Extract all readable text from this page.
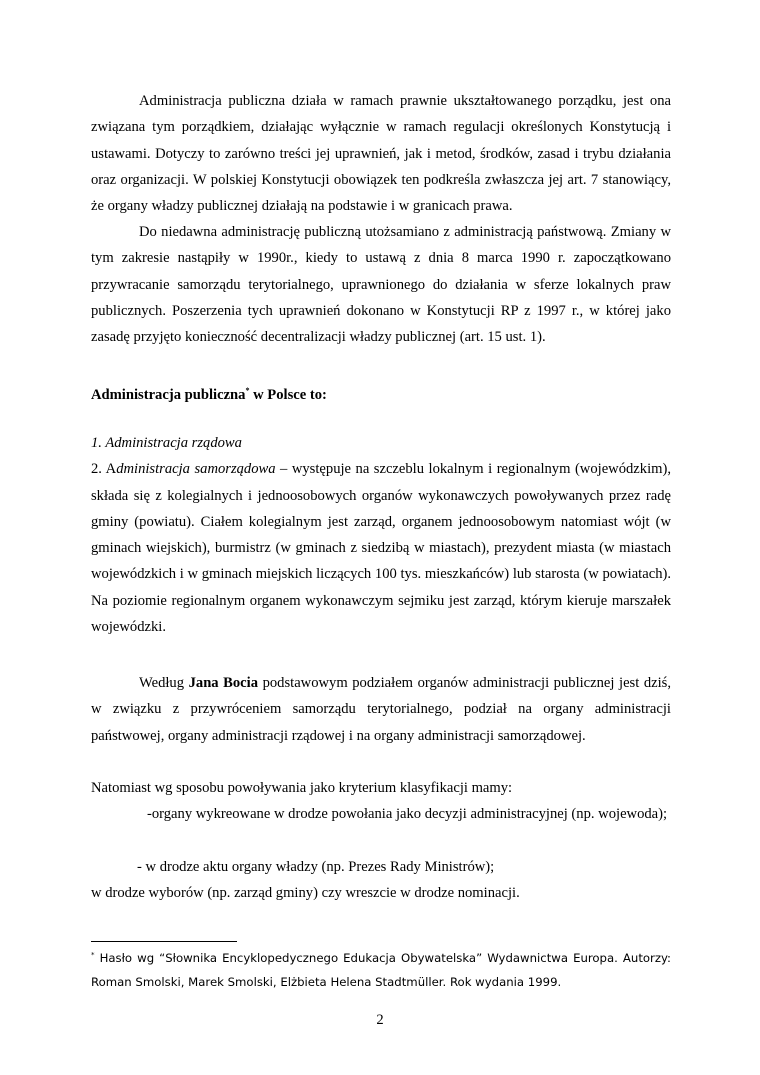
Administracja publiczna działa w ramach prawnie ukształtowanego porządku, jest ona związana tym porządkiem, działając wyłącznie w ramach regulacji określonych Konstytucją i ustawami. Dotyczy to zarówno treści jej uprawnień, jak i metod, środków, zasad i trybu działania oraz organizacji. W polskiej Konstytucji obowiązek ten podkreśla zwłaszcza jej art. 7 stanowiący, że organy władzy publicznej działają na podstawie i w granicach prawa.
Do niedawna administrację publiczną utożsamiano z administracją państwową. Zmiany w tym zakresie nastąpiły w 1990r., kiedy to ustawą z dnia 8 marca 1990 r. zapoczątkowano przywracanie samorządu terytorialnego, uprawnionego do działania w sferze lokalnych praw publicznych. Poszerzenia tych uprawnień dokonano w Konstytucji RP z 1997 r., w której jako zasadę przyjęto konieczność decentralizacji władzy publicznej (art. 15 ust. 1).
Administracja publiczna* w Polsce to:
1. Administracja rządowa
2. Administracja samorządowa – występuje na szczeblu lokalnym i regionalnym (wojewódzkim), składa się z kolegialnych i jednoosobowych organów wykonawczych powoływanych przez radę gminy (powiatu). Ciałem kolegialnym jest zarząd, organem jednoosobowym natomiast wójt (w gminach wiejskich), burmistrz (w gminach z siedzibą w miastach), prezydent miasta (w miastach wojewódzkich i w gminach miejskich liczących 100 tys. mieszkańców) lub starosta (w powiatach). Na poziomie regionalnym organem wykonawczym sejmiku jest zarząd, którym kieruje marszałek wojewódzki.
Według Jana Bocia podstawowym podziałem organów administracji publicznej jest dziś, w związku z przywróceniem samorządu terytorialnego, podział na organy administracji państwowej, organy administracji rządowej i na organy administracji samorządowej.
Natomiast wg sposobu powoływania jako kryterium klasyfikacji mamy:
-organy wykreowane w drodze powołania jako decyzji administracyjnej (np. wojewoda);
- w drodze aktu organy władzy (np. Prezes Rady Ministrów);
w drodze wyborów (np. zarząd gminy) czy wreszcie w drodze nominacji.
* Hasło wg “Słownika Encyklopedycznego Edukacja Obywatelska” Wydawnictwa Europa. Autorzy: Roman Smolski, Marek Smolski, Elżbieta Helena Stadtmüller. Rok wydania 1999.
2
